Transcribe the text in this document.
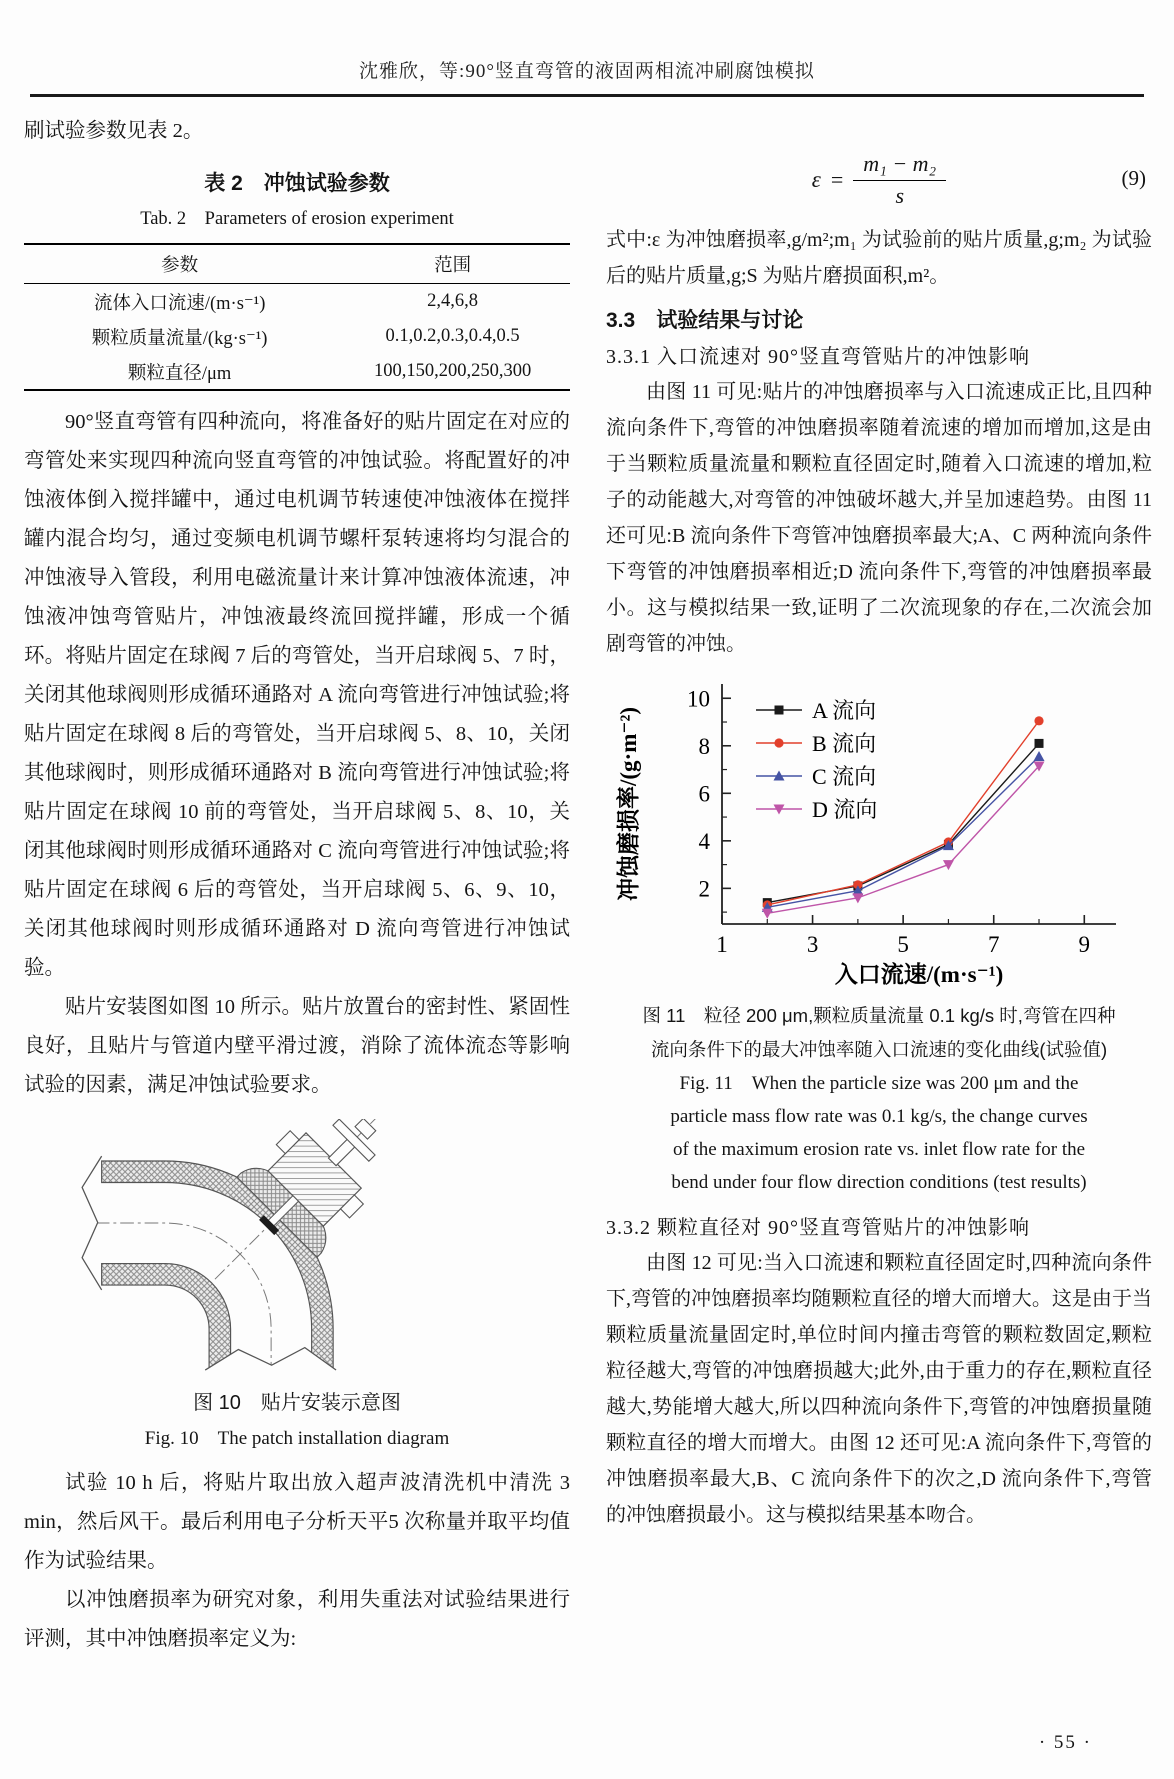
沈雅欣，等:90°竖直弯管的液固两相流冲刷腐蚀模拟

刷试验参数见表 2。

表 2　冲蚀试验参数
Tab. 2　Parameters of erosion experiment
参数	范围
流体入口流速/(m·s⁻¹)	2,4,6,8
颗粒质量流量/(kg·s⁻¹)	0.1,0.2,0.3,0.4,0.5
颗粒直径/μm	100,150,200,250,300

90°竖直弯管有四种流向，将准备好的贴片固定在对应的弯管处来实现四种流向竖直弯管的冲蚀试验。将配置好的冲蚀液体倒入搅拌罐中，通过电机调节转速使冲蚀液体在搅拌罐内混合均匀，通过变频电机调节螺杆泵转速将均匀混合的冲蚀液导入管段，利用电磁流量计来计算冲蚀液体流速，冲蚀液冲蚀弯管贴片，冲蚀液最终流回搅拌罐，形成一个循环。将贴片固定在球阀 7 后的弯管处，当开启球阀 5、7 时，关闭其他球阀则形成循环通路对 A 流向弯管进行冲蚀试验;将贴片固定在球阀 8 后的弯管处，当开启球阀 5、8、10，关闭其他球阀时，则形成循环通路对 B 流向弯管进行冲蚀试验;将贴片固定在球阀 10 前的弯管处，当开启球阀 5、8、10，关闭其他球阀时则形成循环通路对 C 流向弯管进行冲蚀试验;将贴片固定在球阀 6 后的弯管处，当开启球阀 5、6、9、10，关闭其他球阀时则形成循环通路对 D 流向弯管进行冲蚀试验。

贴片安装图如图 10 所示。贴片放置台的密封性、紧固性良好，且贴片与管道内壁平滑过渡，消除了流体流态等影响试验的因素，满足冲蚀试验要求。

图 10　贴片安装示意图
Fig. 10　The patch installation diagram

试验 10 h 后，将贴片取出放入超声波清洗机中清洗 3 min，然后风干。最后利用电子分析天平5 次称量并取平均值作为试验结果。

以冲蚀磨损率为研究对象，利用失重法对试验结果进行评测，其中冲蚀磨损率定义为:

$\varepsilon = \frac{\text{m₁ − m₂}}{s}$	(9)

式中:ε 为冲蚀磨损率,g/m²;m₁ 为试验前的贴片质量,g;m₂ 为试验后的贴片质量,g;S 为贴片磨损面积,m²。

3.3　试验结果与讨论
3.3.1 入口流速对 90°竖直弯管贴片的冲蚀影响

由图 11 可见:贴片的冲蚀磨损率与入口流速成正比,且四种流向条件下,弯管的冲蚀磨损率随着流速的增加而增加,这是由于当颗粒质量流量和颗粒直径固定时,随着入口流速的增加,粒子的动能越大,对弯管的冲蚀破坏越大,并呈加速趋势。由图 11 还可见:B 流向条件下弯管冲蚀磨损率最大;A、C 两种流向条件下弯管的冲蚀磨损率相近;D 流向条件下,弯管的冲蚀磨损率最小。这与模拟结果一致,证明了二次流现象的存在,二次流会加剧弯管的冲蚀。

1	3	5	7	9
2
4
6
8
10
入口流速/(m·s⁻¹)
冲蚀磨损率/(g·m⁻²)	A 流向
B 流向
C 流向
D 流向
图 11　粒径 200 μm,颗粒质量流量 0.1 kg/s 时,弯管在四种
流向条件下的最大冲蚀率随入口流速的变化曲线(试验值)
Fig. 11　When the particle size was 200 μm and the
particle mass flow rate was 0.1 kg/s, the change curves
of the maximum erosion rate vs. inlet flow rate for the
bend under four flow direction conditions (test results)
3.3.2 颗粒直径对 90°竖直弯管贴片的冲蚀影响

由图 12 可见:当入口流速和颗粒直径固定时,四种流向条件下,弯管的冲蚀磨损率均随颗粒直径的增大而增大。这是由于当颗粒质量流量固定时,单位时间内撞击弯管的颗粒数固定,颗粒粒径越大,弯管的冲蚀磨损越大;此外,由于重力的存在,颗粒直径越大,势能增大越大,所以四种流向条件下,弯管的冲蚀磨损量随颗粒直径的增大而增大。由图 12 还可见:A 流向条件下,弯管的冲蚀磨损率最大,B、C 流向条件下的次之,D 流向条件下,弯管的冲蚀磨损最小。这与模拟结果基本吻合。

· 55 ·
